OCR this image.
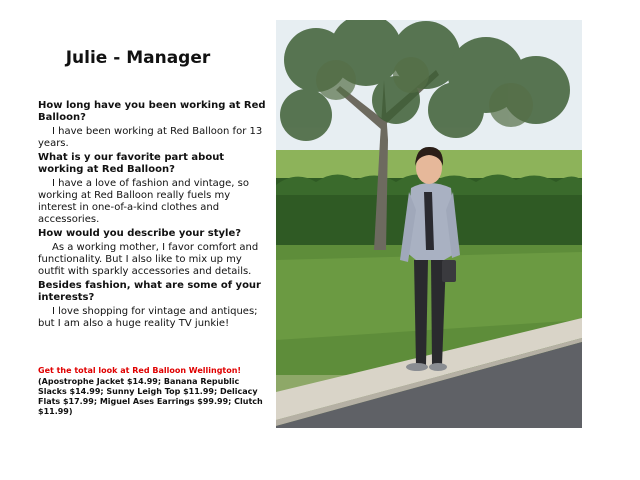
Julie - Manager

How long have you been working at Red Balloon?

I have been working at Red Balloon for 13 years.

What is y our favorite part about working at Red Balloon?

I have a love of fashion and vintage, so working at Red Balloon really fuels my interest in one-of-a-kind clothes and accessories.

How would you describe your style?

As a working mother, I favor comfort and functionality. But I also like to mix up my outfit with sparkly accessories and details.

Besides fashion, what are some of your interests?

I love shopping for vintage and antiques; but I am also a huge reality TV junkie!

Get the total look at Red Balloon Wellington!

(Apostrophe Jacket $14.99; Banana Republic Slacks $14.99; Sunny Leigh Top $11.99; Delicacy Flats $17.99; Miguel Ases Earrings $99.99; Clutch $11.99)
